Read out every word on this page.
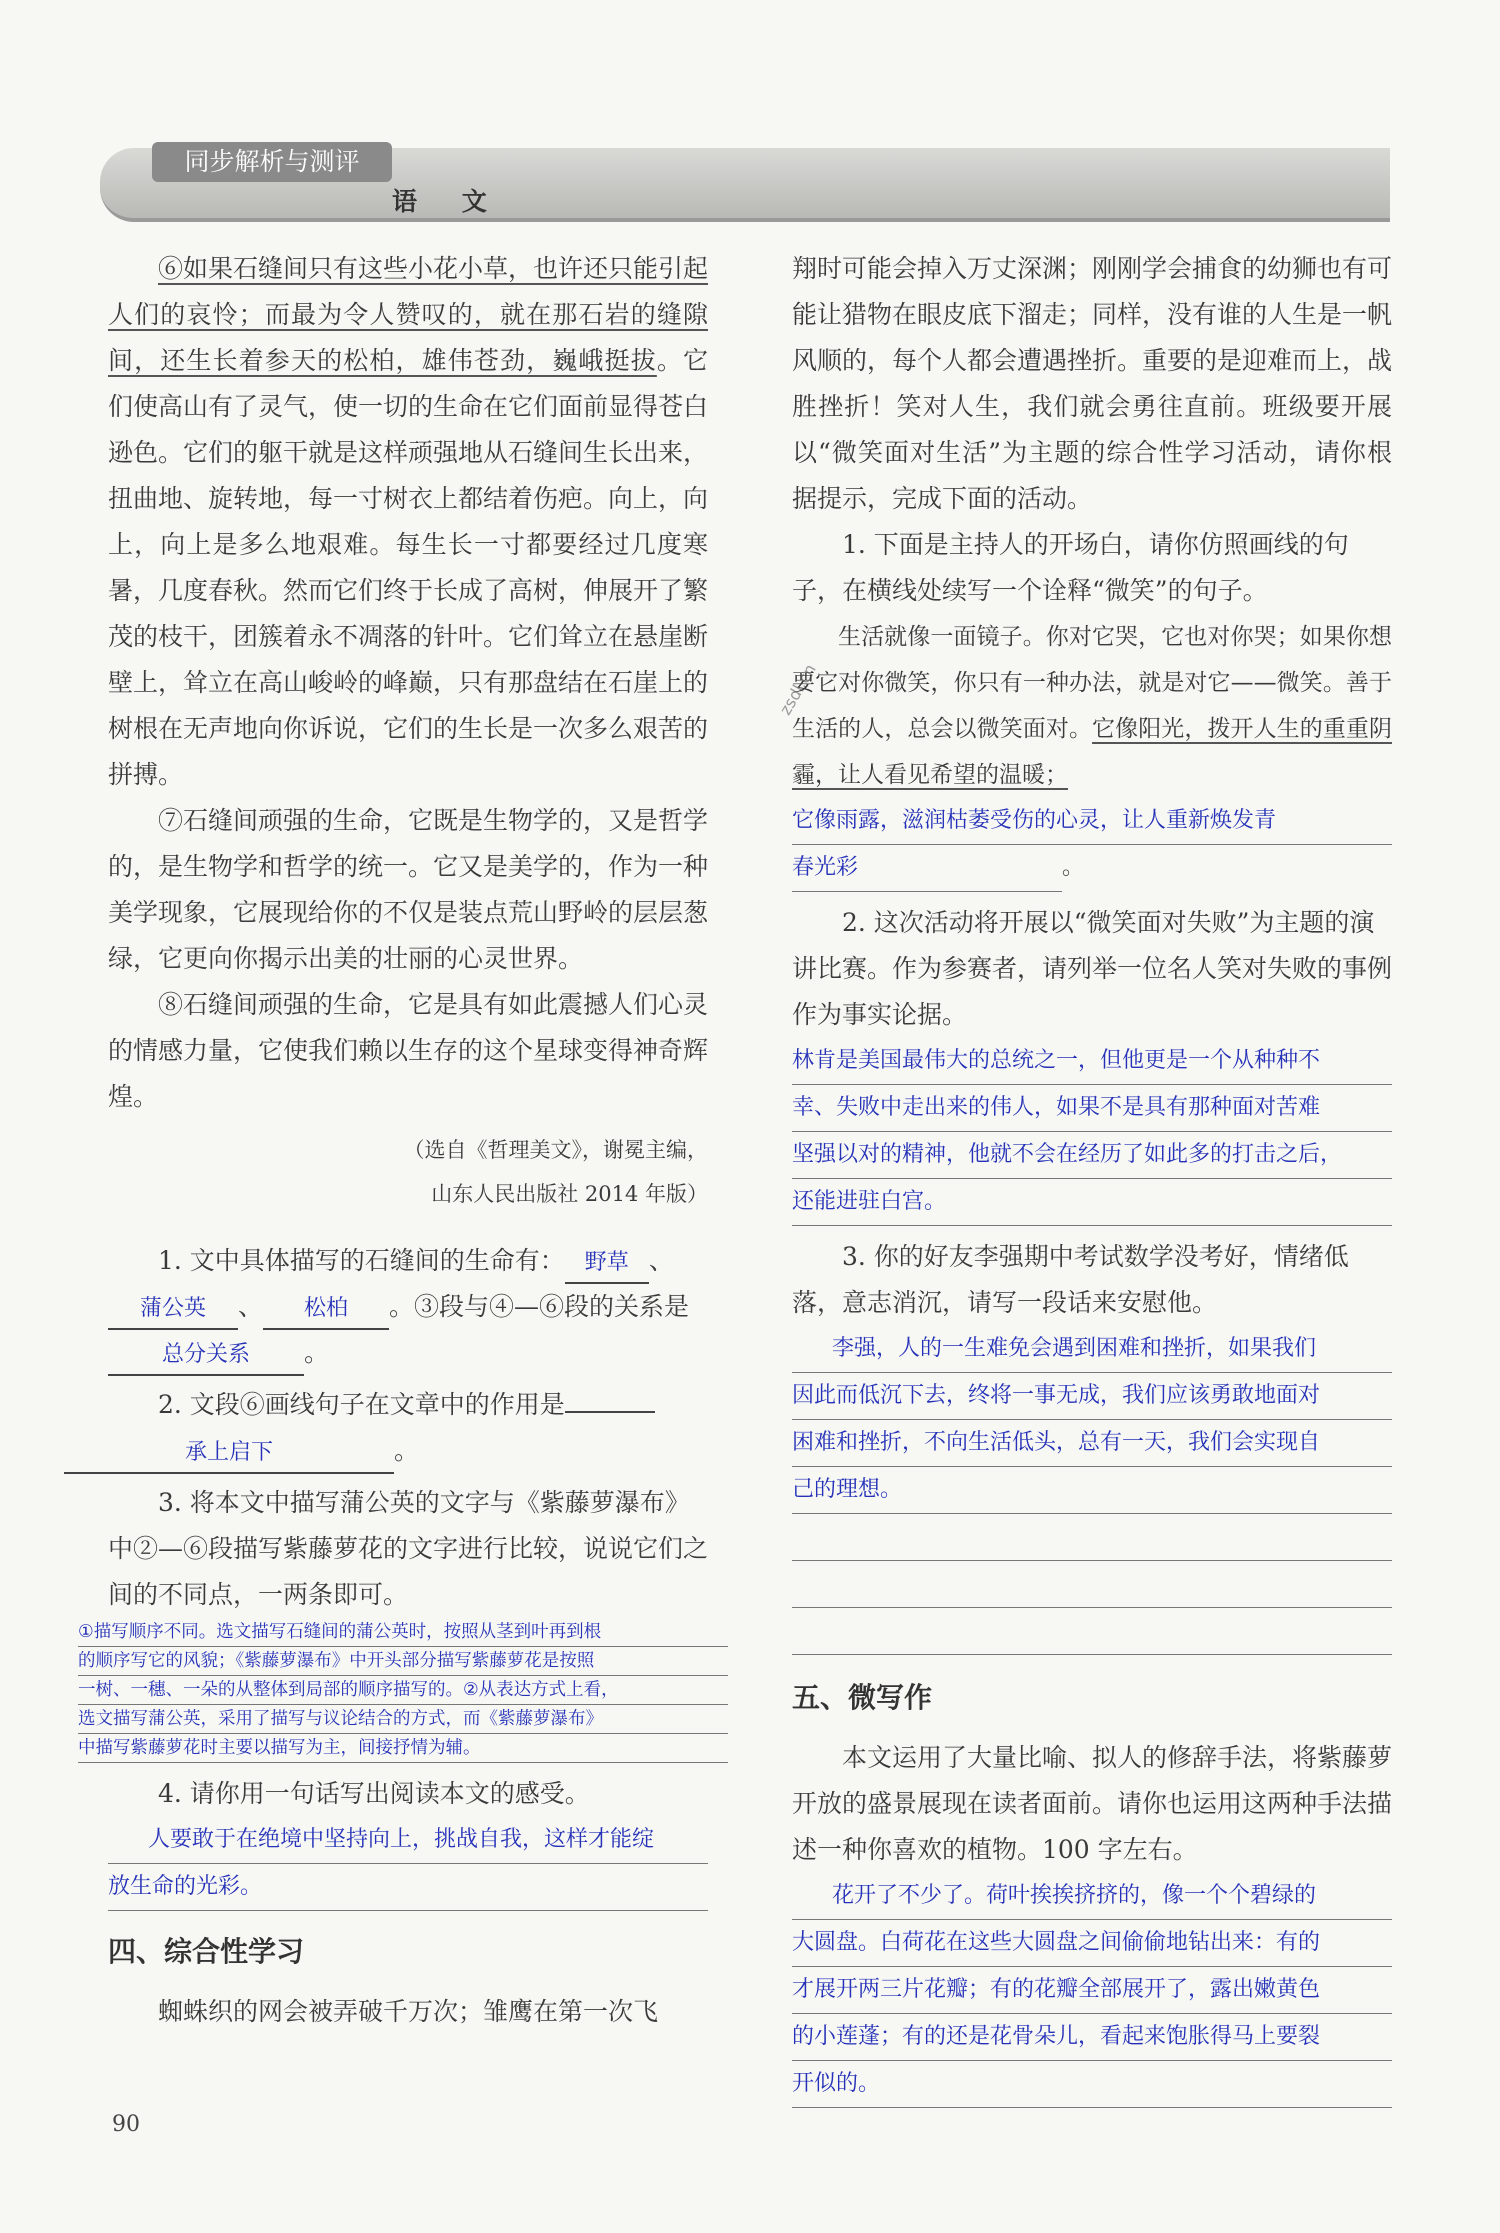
同步解析与测评
语 文
zsdl.cn

⑥如果石缝间只有这些小花小草，也许还只能引起人们的哀怜；而最为令人赞叹的，就在那石岩的缝隙间，还生长着参天的松柏，雄伟苍劲，巍峨挺拔。它们使高山有了灵气，使一切的生命在它们面前显得苍白逊色。它们的躯干就是这样顽强地从石缝间生长出来，扭曲地、旋转地，每一寸树衣上都结着伤疤。向上，向上，向上是多么地艰难。每生长一寸都要经过几度寒暑，几度春秋。然而它们终于长成了高树，伸展开了繁茂的枝干，团簇着永不凋落的针叶。它们耸立在悬崖断壁上，耸立在高山峻岭的峰巅，只有那盘结在石崖上的树根在无声地向你诉说，它们的生长是一次多么艰苦的拼搏。

⑦石缝间顽强的生命，它既是生物学的，又是哲学的，是生物学和哲学的统一。它又是美学的，作为一种美学现象，它展现给你的不仅是装点荒山野岭的层层葱绿，它更向你揭示出美的壮丽的心灵世界。

⑧石缝间顽强的生命，它是具有如此震撼人们心灵的情感力量，它使我们赖以生存的这个星球变得神奇辉煌。

（选自《哲理美文》，谢冕主编，
山东人民出版社 2014 年版）

1. 文中具体描写的石缝间的生命有： 野草 、蒲公英 、 松柏 。③段与④—⑥段的关系是总分关系 。

2. 文段⑥画线句子在文章中的作用是承上启下	。

3. 将本文中描写蒲公英的文字与《紫藤萝瀑布》中②—⑥段描写紫藤萝花的文字进行比较，说说它们之间的不同点，一两条即可。

①描写顺序不同。选文描写石缝间的蒲公英时，按照从茎到叶再到根
的顺序写它的风貌；《紫藤萝瀑布》中开头部分描写紫藤萝花是按照
一树、一穗、一朵的从整体到局部的顺序描写的。②从表达方式上看，
选文描写蒲公英，采用了描写与议论结合的方式，而《紫藤萝瀑布》
中描写紫藤萝花时主要以描写为主，间接抒情为辅。

4. 请你用一句话写出阅读本文的感受。

人要敢于在绝境中坚持向上，挑战自我，这样才能绽
放生命的光彩。
四、综合性学习

蜘蛛织的网会被弄破千万次；雏鹰在第一次飞

翔时可能会掉入万丈深渊；刚刚学会捕食的幼狮也有可能让猎物在眼皮底下溜走；同样，没有谁的人生是一帆风顺的，每个人都会遭遇挫折。重要的是迎难而上，战胜挫折！笑对人生，我们就会勇往直前。班级要开展以“微笑面对生活”为主题的综合性学习活动，请你根据提示，完成下面的活动。

1. 下面是主持人的开场白，请你仿照画线的句子，在横线处续写一个诠释“微笑”的句子。

生活就像一面镜子。你对它哭，它也对你哭；如果你想要它对你微笑，你只有一种办法，就是对它——微笑。善于生活的人，总会以微笑面对。它像阳光，拨开人生的重重阴霾，让人看见希望的温暖；

它像雨露，滋润枯萎受伤的心灵，让人重新焕发青
春光彩	。

2. 这次活动将开展以“微笑面对失败”为主题的演讲比赛。作为参赛者，请列举一位名人笑对失败的事例作为事实论据。

林肯是美国最伟大的总统之一，但他更是一个从种种不
幸、失败中走出来的伟人，如果不是具有那种面对苦难
坚强以对的精神，他就不会在经历了如此多的打击之后，
还能进驻白宫。

3. 你的好友李强期中考试数学没考好，情绪低落，意志消沉，请写一段话来安慰他。

李强，人的一生难免会遇到困难和挫折，如果我们
因此而低沉下去，终将一事无成，我们应该勇敢地面对
困难和挫折，不向生活低头，总有一天，我们会实现自
己的理想。
五、微写作

本文运用了大量比喻、拟人的修辞手法，将紫藤萝开放的盛景展现在读者面前。请你也运用这两种手法描述一种你喜欢的植物。100 字左右。

花开了不少了。荷叶挨挨挤挤的，像一个个碧绿的
大圆盘。白荷花在这些大圆盘之间偷偷地钻出来：有的
才展开两三片花瓣；有的花瓣全部展开了，露出嫩黄色
的小莲蓬；有的还是花骨朵儿，看起来饱胀得马上要裂
开似的。
90
